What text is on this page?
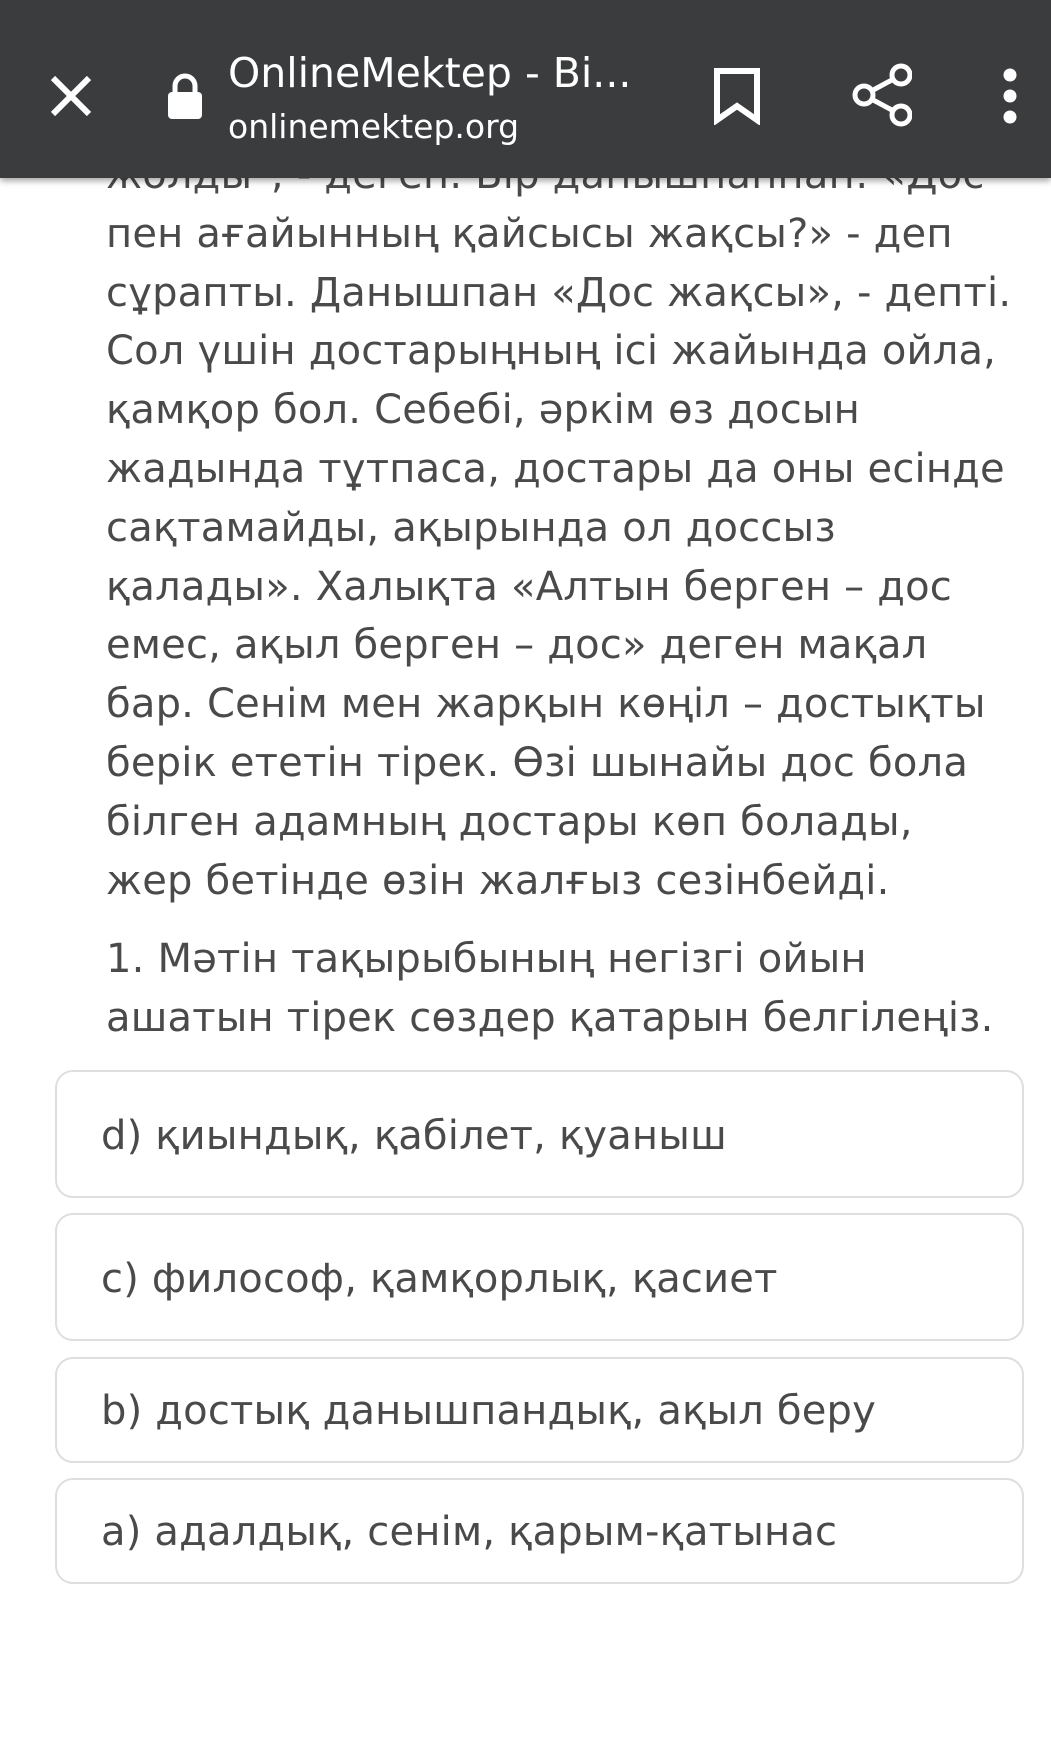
пен ағайынның қайсысы жақсы?» - деп
сұрапты. Данышпан «Дос жақсы», - депті.
Сол үшін достарыңның ісі жайында ойла,
қамқор бол. Себебі, әркім өз досын
жадында тұтпаса, достары да оны есінде
сақтамайды, ақырында ол доссыз
қалады». Халықта «Алтын берген – дос
емес, ақыл берген – дос» деген мақал
бар. Сенім мен жарқын көңіл – достықты
берік ететін тірек. Өзі шынайы дос бола
білген адамның достары көп болады,
жер бетінде өзін жалғыз сезінбейді.
1. Мәтін тақырыбының негізгі ойын
ашатын тірек сөздер қатарын белгілеңіз.
d) қиындық, қабілет, қуаныш
c) философ, қамқорлық, қасиет
b) достық данышпандық, ақыл беру
a) адалдық, сенім, қарым-қатынас
OnlineMektep - Bi...
onlinemektep.org
